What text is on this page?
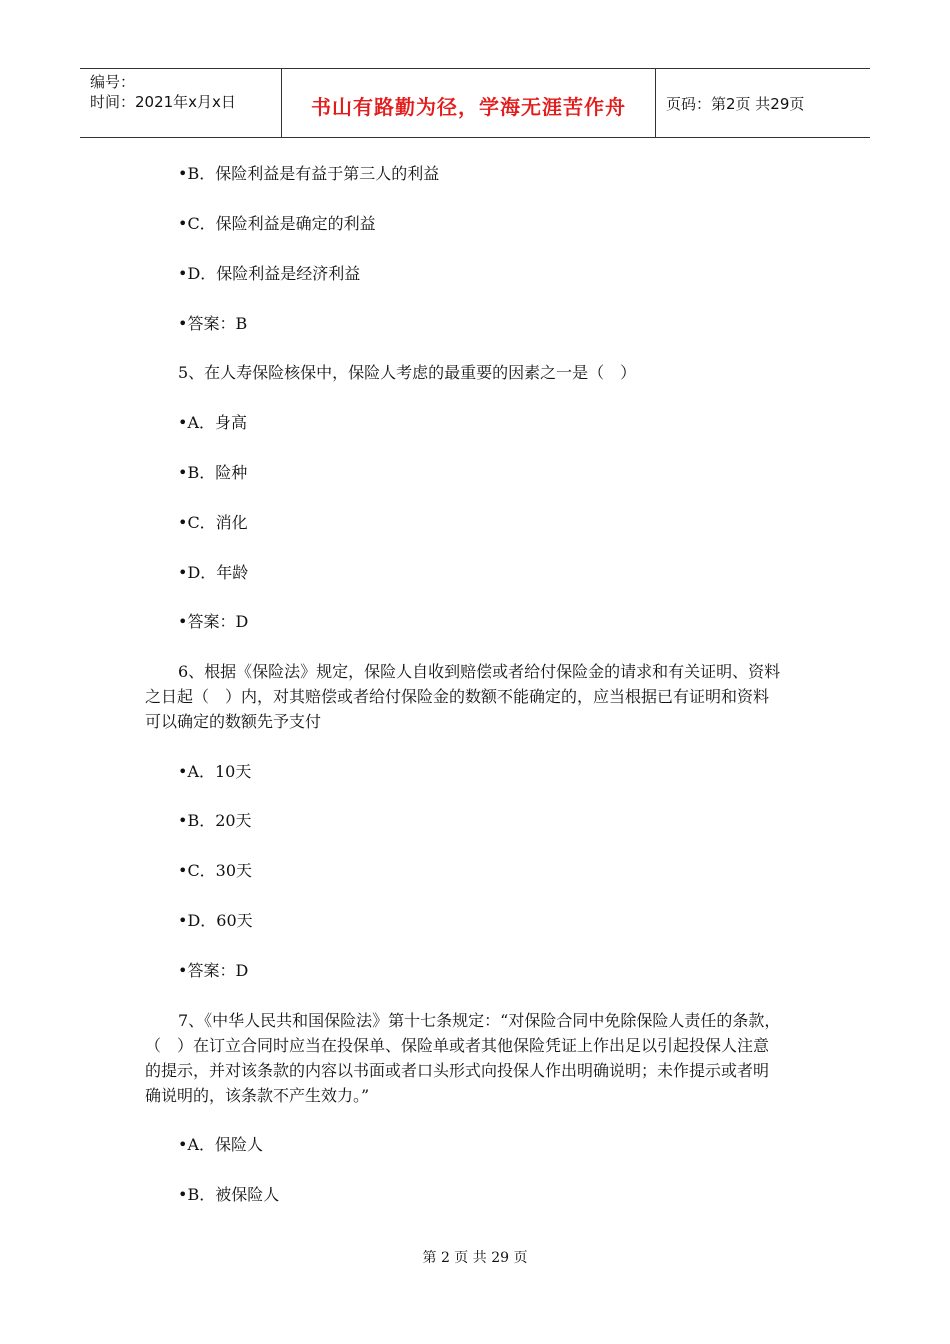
编号：
时间：2021年x月x日	书山有路勤为径，学海无涯苦作舟	页码：第2页 共29页
•B．保险利益是有益于第三人的利益
•C．保险利益是确定的利益
•D．保险利益是经济利益
•答案：B
5、在人寿保险核保中，保险人考虑的最重要的因素之一是（　）
•A．身高
•B．险种
•C．消化
•D．年龄
•答案：D
6、根据《保险法》规定，保险人自收到赔偿或者给付保险金的请求和有关证明、资料
之日起（　）内，对其赔偿或者给付保险金的数额不能确定的，应当根据已有证明和资料
可以确定的数额先予支付
•A．10天
•B．20天
•C．30天
•D．60天
•答案：D
7、《中华人民共和国保险法》第十七条规定：“对保险合同中免除保险人责任的条款，
（　）在订立合同时应当在投保单、保险单或者其他保险凭证上作出足以引起投保人注意
的提示，并对该条款的内容以书面或者口头形式向投保人作出明确说明；未作提示或者明
确说明的，该条款不产生效力。”
•A．保险人
•B．被保险人
第 2 页 共 29 页
